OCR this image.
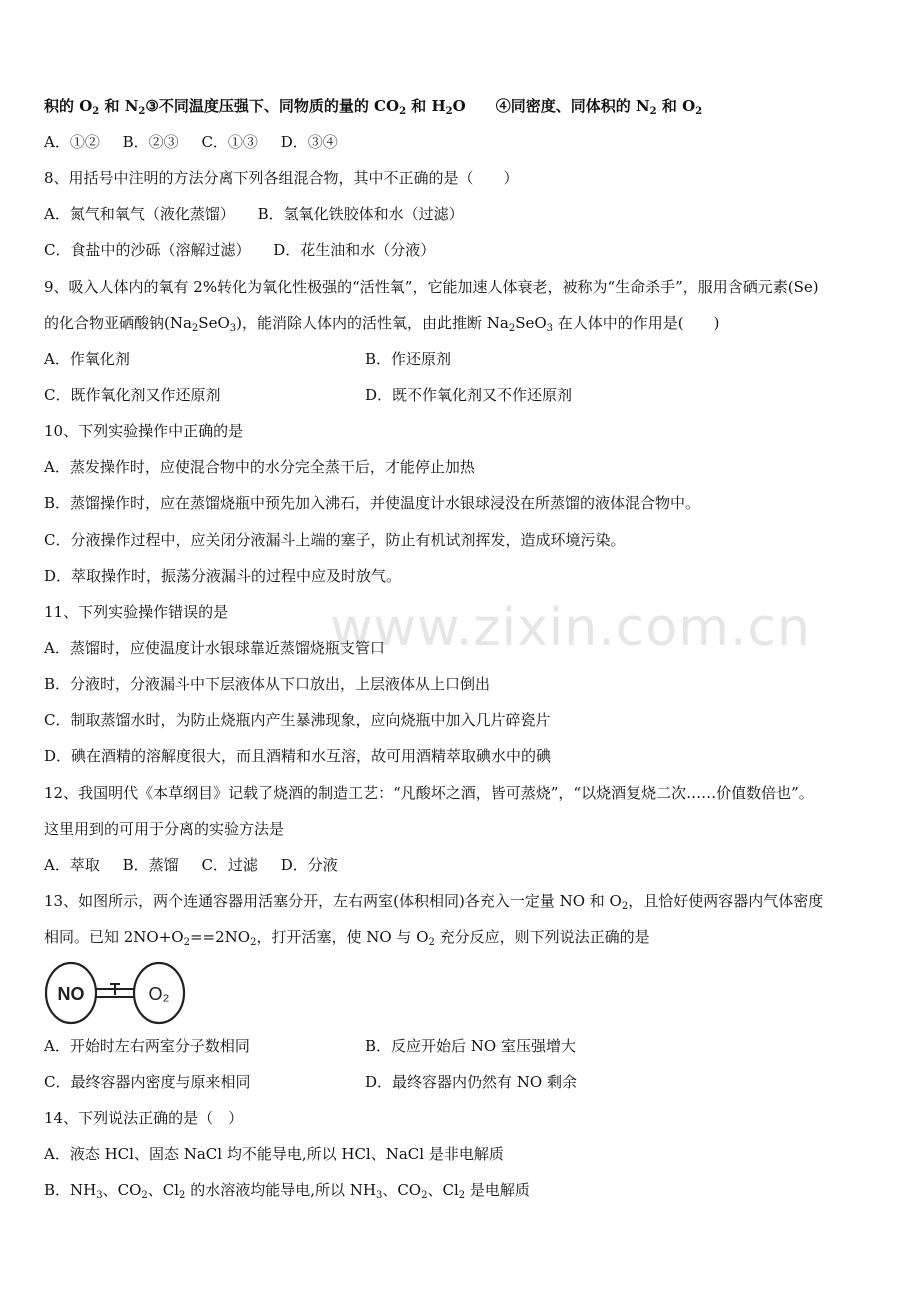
www.zixin.com.cn
积的 $O_2$ 和 $N_2③$不同温度压强下、同物质的量的 $CO_2$ 和 $H_2O$　　④同密度、同体积的 $N_2$ 和 $O_2$
A．①② B．②③ C．①③ D．③④
8、用括号中注明的方法分离下列各组混合物，其中不正确的是（　　）
A．氮气和氧气（液化蒸馏） B．氢氧化铁胶体和水（过滤）
C．食盐中的沙砾（溶解过滤） D．花生油和水（分液）
9、吸入人体内的氧有 2%转化为氧化性极强的“活性氧”，它能加速人体衰老，被称为“生命杀手”，服用含硒元素(Se)
的化合物亚硒酸钠$(Na_2SeO_3)$，能消除人体内的活性氧，由此推断 $Na_2SeO_3$ 在人体中的作用是(　　)
A．作氧化剂	B．作还原剂
C．既作氧化剂又作还原剂	D．既不作氧化剂又不作还原剂
10、下列实验操作中正确的是
A．蒸发操作时，应使混合物中的水分完全蒸干后，才能停止加热
B．蒸馏操作时，应在蒸馏烧瓶中预先加入沸石，并使温度计水银球浸没在所蒸馏的液体混合物中。
C．分液操作过程中，应关闭分液漏斗上端的塞子，防止有机试剂挥发，造成环境污染。
D．萃取操作时，振荡分液漏斗的过程中应及时放气。
11、下列实验操作错误的是
A．蒸馏时，应使温度计水银球靠近蒸馏烧瓶支管口
B．分液时，分液漏斗中下层液体从下口放出，上层液体从上口倒出
C．制取蒸馏水时，为防止烧瓶内产生暴沸现象，应向烧瓶中加入几片碎瓷片
D．碘在酒精的溶解度很大，而且酒精和水互溶，故可用酒精萃取碘水中的碘
12、我国明代《本草纲目》记载了烧酒的制造工艺：“凡酸坏之酒，皆可蒸烧”，“以烧酒复烧二次……价值数倍也”。
这里用到的可用于分离的实验方法是
A．萃取 B．蒸馏 C．过滤 D．分液
13、如图所示，两个连通容器用活塞分开，左右两室(体积相同)各充入一定量 NO 和 $O_2$，且恰好使两容器内气体密度
相同。已知 $2NO+O_2==2NO_2$，打开活塞，使 NO 与 $O_2$ 充分反应，则下列说法正确的是
NO	O₂
A．开始时左右两室分子数相同	B．反应开始后 NO 室压强增大
C．最终容器内密度与原来相同	D．最终容器内仍然有 NO 剩余
14、下列说法正确的是（　）
A．液态 HCl、固态 NaCl 均不能导电,所以 HCl、NaCl 是非电解质
B．$NH_3$、$CO_2$、$Cl_2$ 的水溶液均能导电,所以 $NH_3$、$CO_2$、$Cl_2$ 是电解质
